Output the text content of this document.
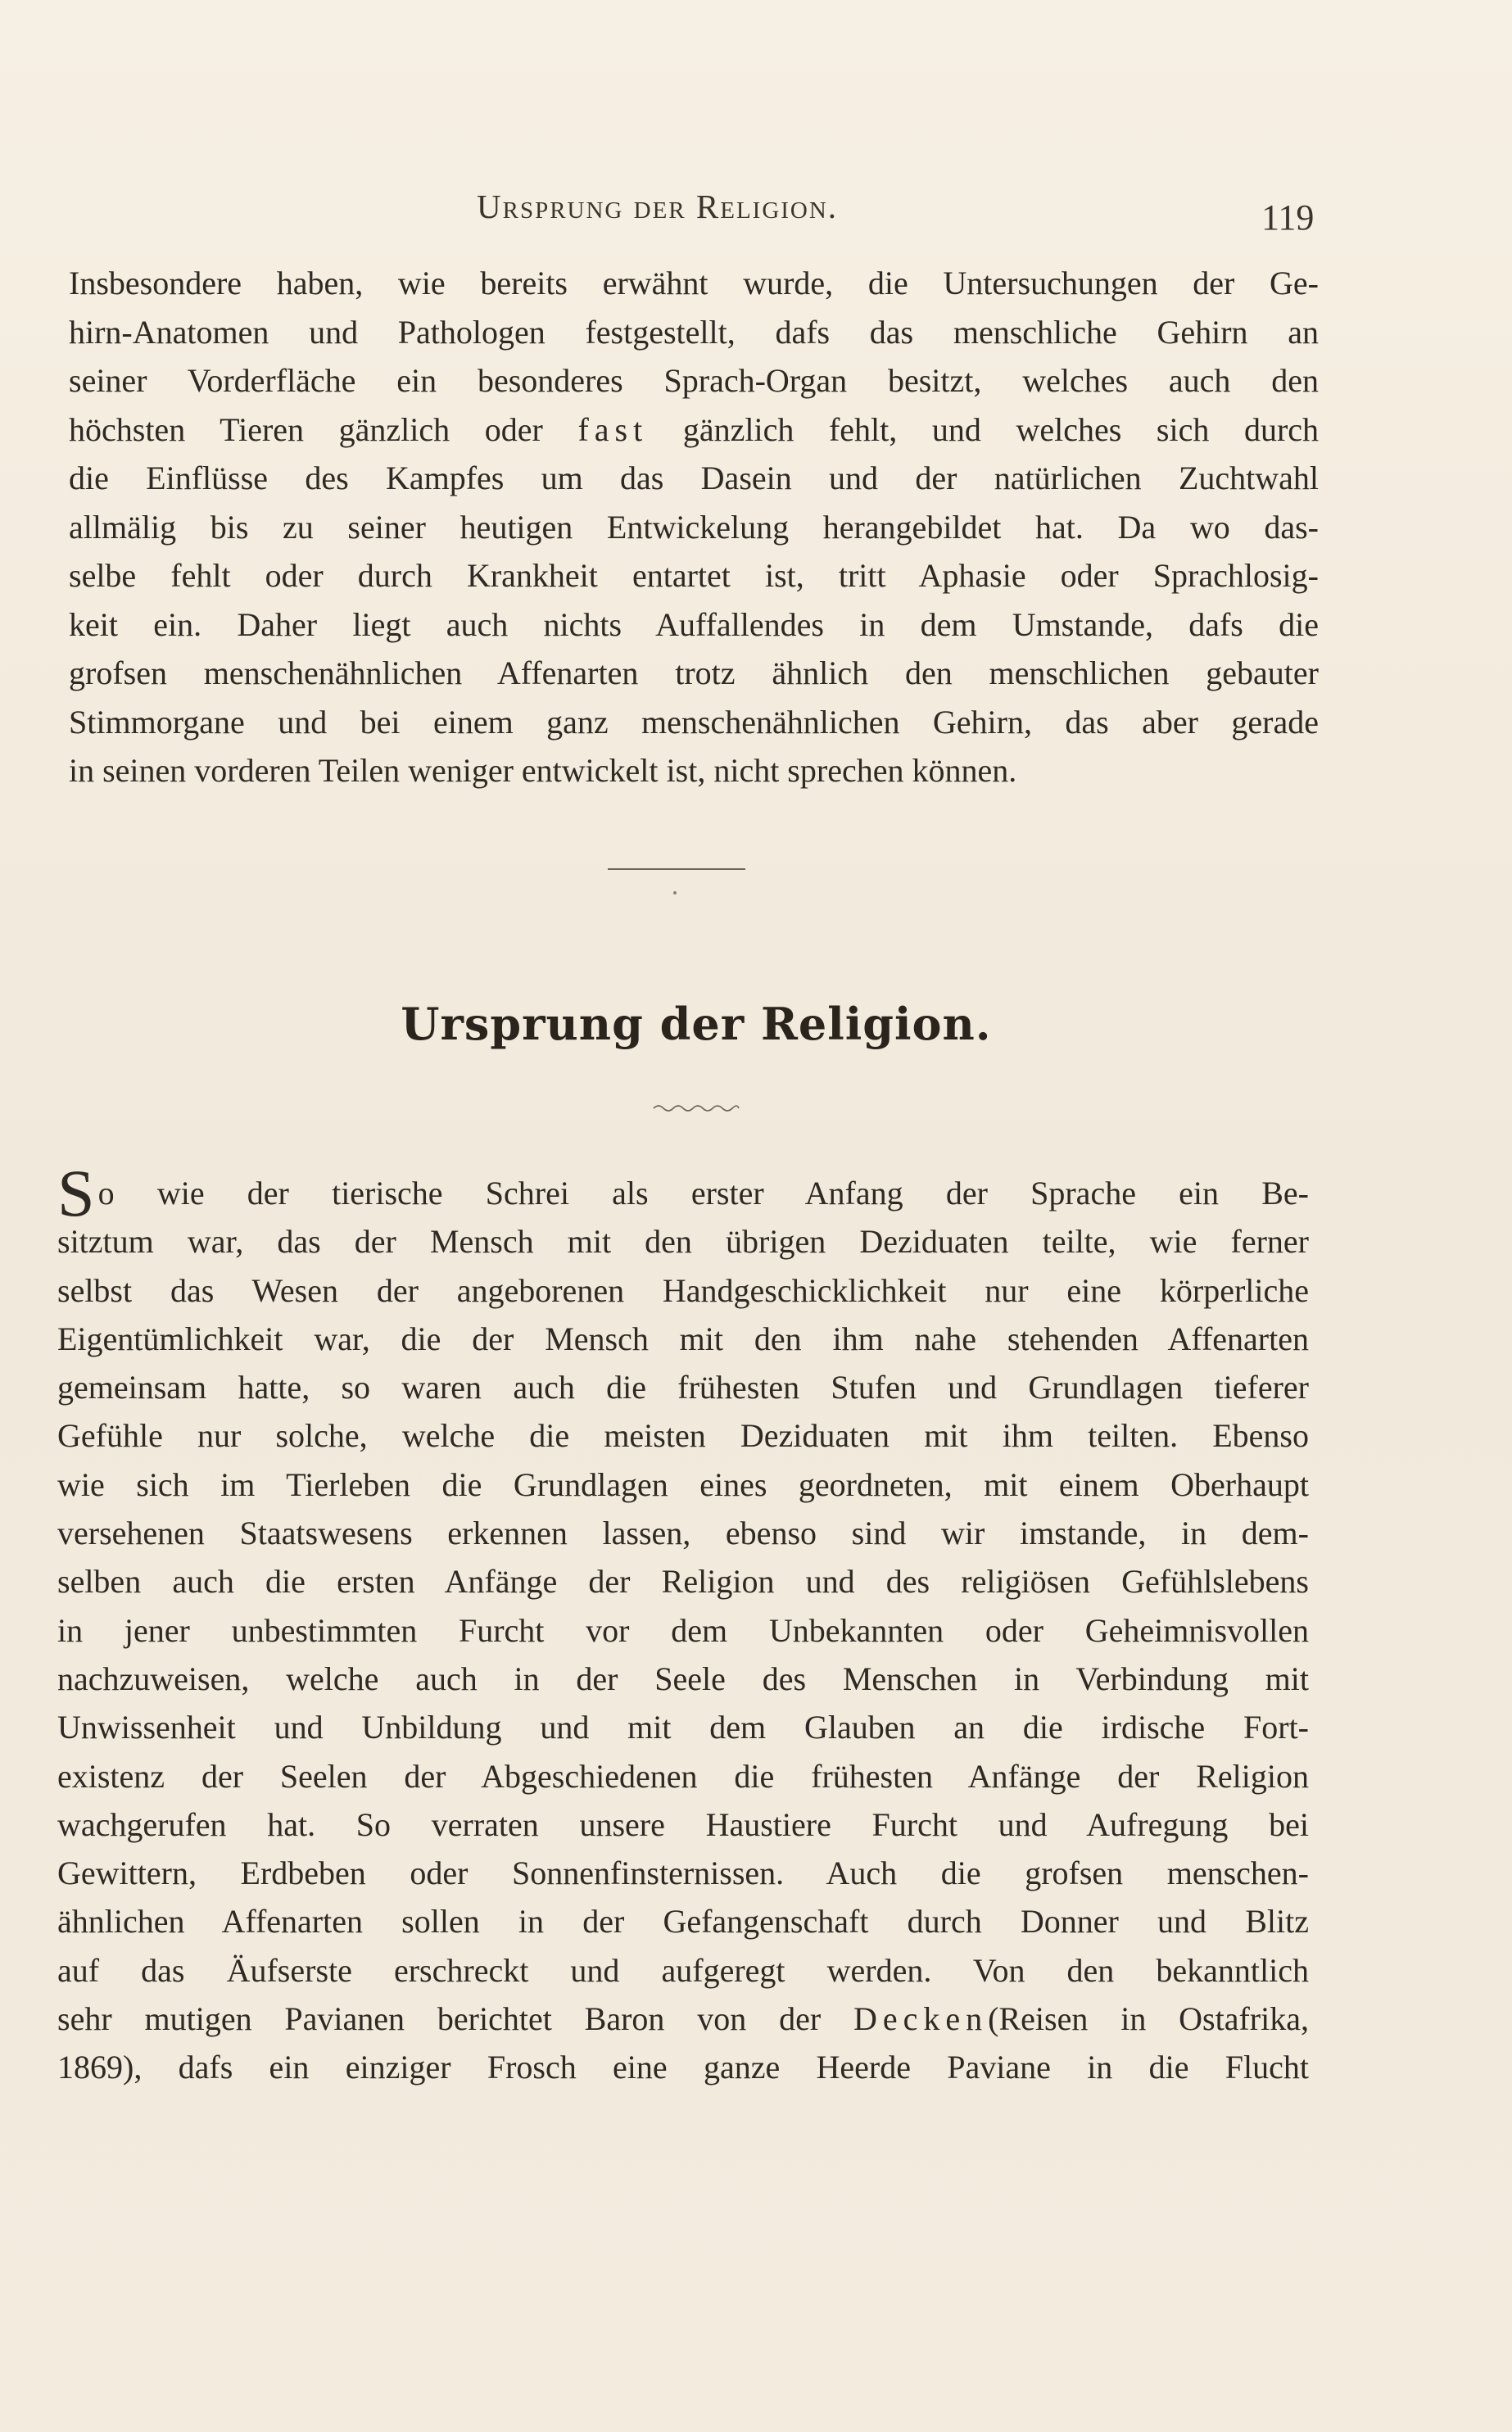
Ursprung der Religion.	119
Insbesondere haben, wie bereits erwähnt wurde, die Untersuchungen der Ge-
hirn-Anatomen und Pathologen festgestellt, dafs das menschliche Gehirn an
seiner Vorderfläche ein besonderes Sprach-Organ besitzt, welches auch den
höchsten Tieren gänzlich oder fast gänzlich fehlt, und welches sich durch
die Einflüsse des Kampfes um das Dasein und der natürlichen Zuchtwahl
allmälig bis zu seiner heutigen Entwickelung herangebildet hat. Da wo das-
selbe fehlt oder durch Krankheit entartet ist, tritt Aphasie oder Sprachlosig-
keit ein. Daher liegt auch nichts Auffallendes in dem Umstande, dafs die
grofsen menschenähnlichen Affenarten trotz ähnlich den menschlichen gebauter
Stimmorgane und bei einem ganz menschenähnlichen Gehirn, das aber gerade
in seinen vorderen Teilen weniger entwickelt ist, nicht sprechen können.
Ursprung der Religion.
So wie der tierische Schrei als erster Anfang der Sprache ein Be-
sitztum war, das der Mensch mit den übrigen Deziduaten teilte, wie ferner
selbst das Wesen der angeborenen Handgeschicklichkeit nur eine körperliche
Eigentümlichkeit war, die der Mensch mit den ihm nahe stehenden Affenarten
gemeinsam hatte, so waren auch die frühesten Stufen und Grundlagen tieferer
Gefühle nur solche, welche die meisten Deziduaten mit ihm teilten. Ebenso
wie sich im Tierleben die Grundlagen eines geordneten, mit einem Oberhaupt
versehenen Staatswesens erkennen lassen, ebenso sind wir imstande, in dem-
selben auch die ersten Anfänge der Religion und des religiösen Gefühlslebens
in jener unbestimmten Furcht vor dem Unbekannten oder Geheimnisvollen
nachzuweisen, welche auch in der Seele des Menschen in Verbindung mit
Unwissenheit und Unbildung und mit dem Glauben an die irdische Fort-
existenz der Seelen der Abgeschiedenen die frühesten Anfänge der Religion
wachgerufen hat. So verraten unsere Haustiere Furcht und Aufregung bei
Gewittern, Erdbeben oder Sonnenfinsternissen. Auch die grofsen menschen-
ähnlichen Affenarten sollen in der Gefangenschaft durch Donner und Blitz
auf das Äufserste erschreckt und aufgeregt werden. Von den bekanntlich
sehr mutigen Pavianen berichtet Baron von der Decken(Reisen in Ostafrika,
1869), dafs ein einziger Frosch eine ganze Heerde Paviane in die Flucht
